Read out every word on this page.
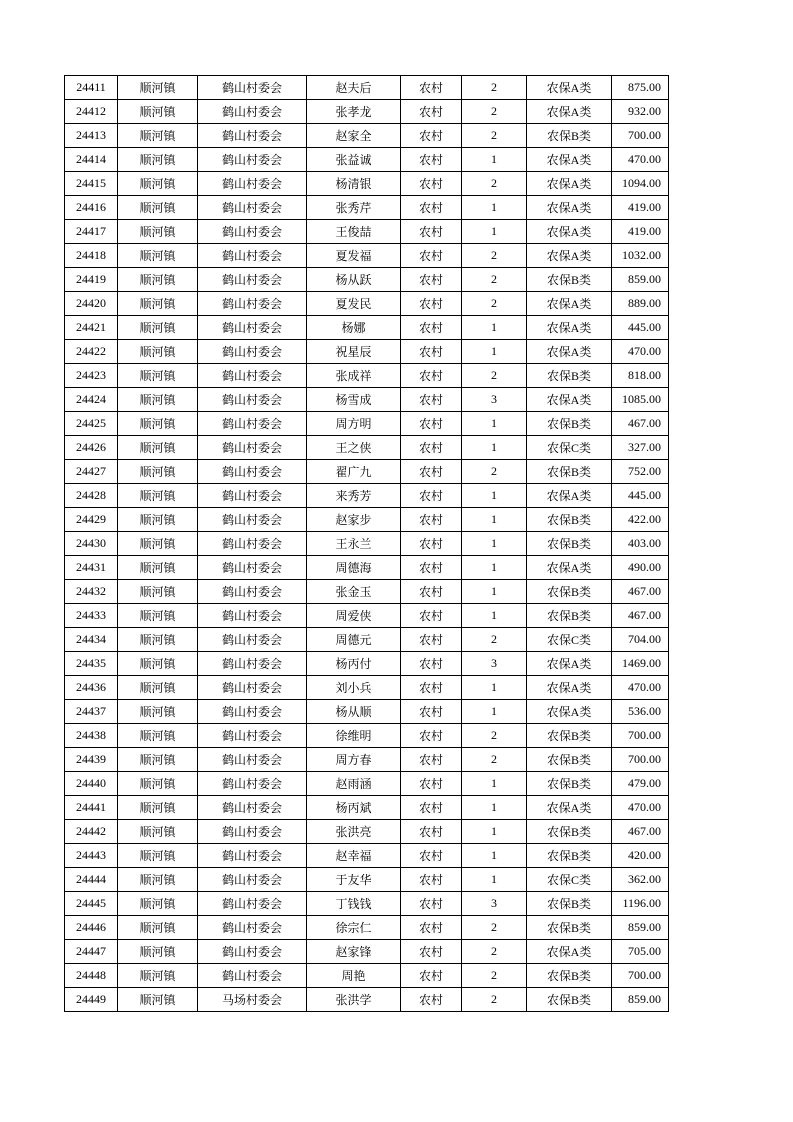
24411	顺河镇	鹤山村委会	赵夫后	农村	2	农保A类	875.00
24412	顺河镇	鹤山村委会	张孝龙	农村	2	农保A类	932.00
24413	顺河镇	鹤山村委会	赵家全	农村	2	农保B类	700.00
24414	顺河镇	鹤山村委会	张益诚	农村	1	农保A类	470.00
24415	顺河镇	鹤山村委会	杨清银	农村	2	农保A类	1094.00
24416	顺河镇	鹤山村委会	张秀芹	农村	1	农保A类	419.00
24417	顺河镇	鹤山村委会	王俊喆	农村	1	农保A类	419.00
24418	顺河镇	鹤山村委会	夏发福	农村	2	农保A类	1032.00
24419	顺河镇	鹤山村委会	杨从跃	农村	2	农保B类	859.00
24420	顺河镇	鹤山村委会	夏发民	农村	2	农保A类	889.00
24421	顺河镇	鹤山村委会	杨娜	农村	1	农保A类	445.00
24422	顺河镇	鹤山村委会	祝星辰	农村	1	农保A类	470.00
24423	顺河镇	鹤山村委会	张成祥	农村	2	农保B类	818.00
24424	顺河镇	鹤山村委会	杨雪成	农村	3	农保A类	1085.00
24425	顺河镇	鹤山村委会	周方明	农村	1	农保B类	467.00
24426	顺河镇	鹤山村委会	王之侠	农村	1	农保C类	327.00
24427	顺河镇	鹤山村委会	翟广九	农村	2	农保B类	752.00
24428	顺河镇	鹤山村委会	来秀芳	农村	1	农保A类	445.00
24429	顺河镇	鹤山村委会	赵家步	农村	1	农保B类	422.00
24430	顺河镇	鹤山村委会	王永兰	农村	1	农保B类	403.00
24431	顺河镇	鹤山村委会	周德海	农村	1	农保A类	490.00
24432	顺河镇	鹤山村委会	张金玉	农村	1	农保B类	467.00
24433	顺河镇	鹤山村委会	周爱侠	农村	1	农保B类	467.00
24434	顺河镇	鹤山村委会	周德元	农村	2	农保C类	704.00
24435	顺河镇	鹤山村委会	杨丙付	农村	3	农保A类	1469.00
24436	顺河镇	鹤山村委会	刘小兵	农村	1	农保A类	470.00
24437	顺河镇	鹤山村委会	杨从顺	农村	1	农保A类	536.00
24438	顺河镇	鹤山村委会	徐维明	农村	2	农保B类	700.00
24439	顺河镇	鹤山村委会	周方春	农村	2	农保B类	700.00
24440	顺河镇	鹤山村委会	赵雨涵	农村	1	农保B类	479.00
24441	顺河镇	鹤山村委会	杨丙斌	农村	1	农保A类	470.00
24442	顺河镇	鹤山村委会	张洪亮	农村	1	农保B类	467.00
24443	顺河镇	鹤山村委会	赵幸福	农村	1	农保B类	420.00
24444	顺河镇	鹤山村委会	于友华	农村	1	农保C类	362.00
24445	顺河镇	鹤山村委会	丁钱钱	农村	3	农保B类	1196.00
24446	顺河镇	鹤山村委会	徐宗仁	农村	2	农保B类	859.00
24447	顺河镇	鹤山村委会	赵家锋	农村	2	农保A类	705.00
24448	顺河镇	鹤山村委会	周艳	农村	2	农保B类	700.00
24449	顺河镇	马场村委会	张洪学	农村	2	农保B类	859.00
